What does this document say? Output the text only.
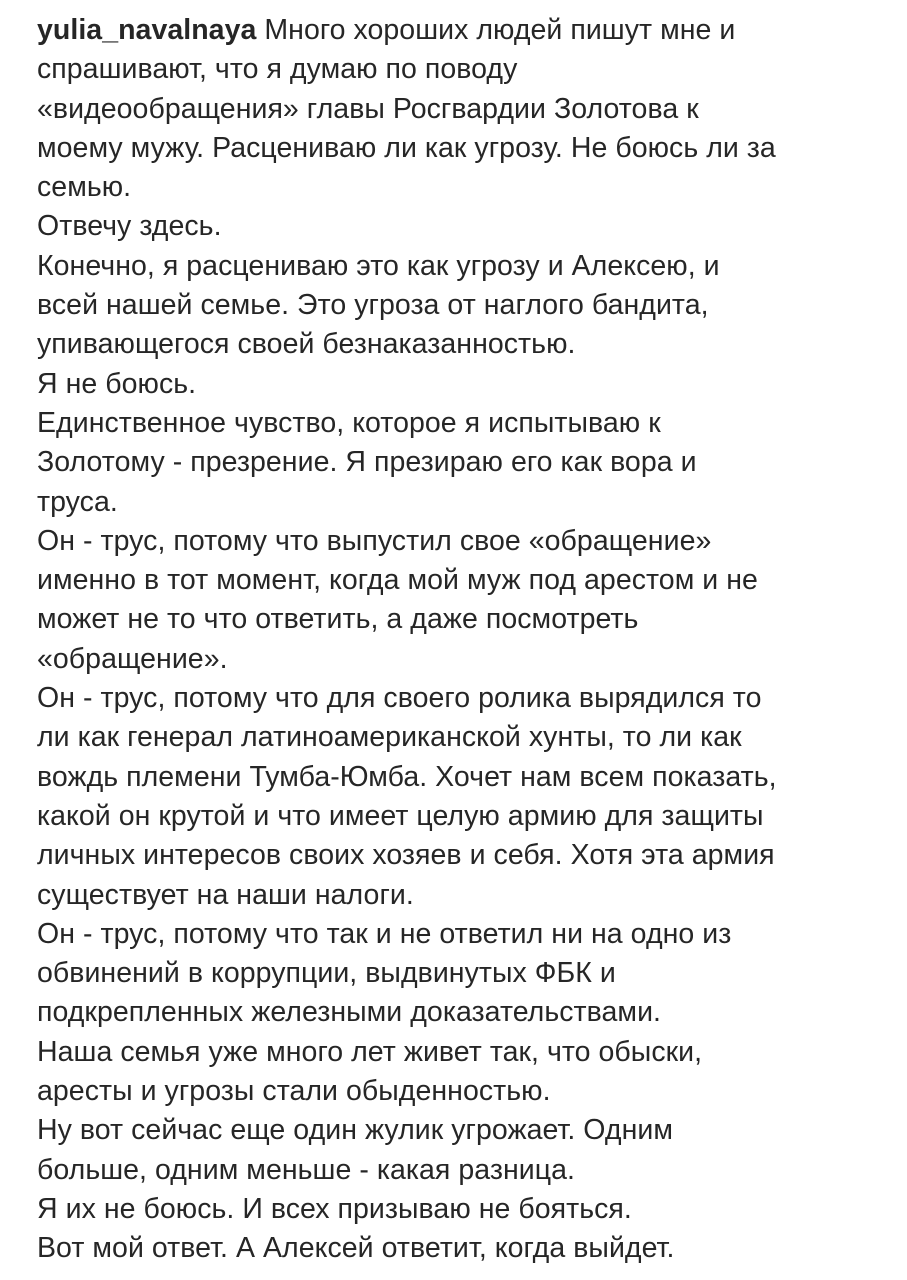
yulia_navalnaya Много хороших людей пишут мне и
спрашивают, что я думаю по поводу
«видеообращения» главы Росгвардии Золотова к
моему мужу. Расцениваю ли как угрозу. Не боюсь ли за
семью.
Отвечу здесь.
Конечно, я расцениваю это как угрозу и Алексею, и
всей нашей семье. Это угроза от наглого бандита,
упивающегося своей безнаказанностью.
Я не боюсь.
Единственное чувство, которое я испытываю к
Золотому - презрение. Я презираю его как вора и
труса.
Он - трус, потому что выпустил свое «обращение»
именно в тот момент, когда мой муж под арестом и не
может не то что ответить, а даже посмотреть
«обращение».
Он - трус, потому что для своего ролика вырядился то
ли как генерал латиноамериканской хунты, то ли как
вождь племени Тумба-Юмба. Хочет нам всем показать,
какой он крутой и что имеет целую армию для защиты
личных интересов своих хозяев и себя. Хотя эта армия
существует на наши налоги.
Он - трус, потому что так и не ответил ни на одно из
обвинений в коррупции, выдвинутых ФБК и
подкрепленных железными доказательствами.
Наша семья уже много лет живет так, что обыски,
аресты и угрозы стали обыденностью.
Ну вот сейчас еще один жулик угрожает. Одним
больше, одним меньше - какая разница.
Я их не боюсь. И всех призываю не бояться.
Вот мой ответ. А Алексей ответит, когда выйдет.
